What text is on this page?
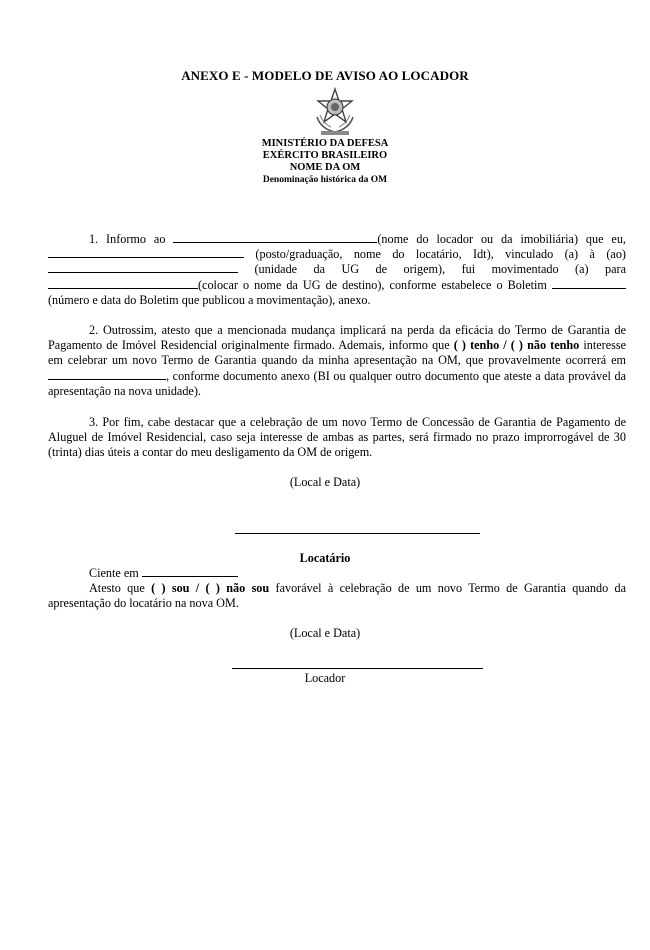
ANEXO E - MODELO DE AVISO AO LOCADOR
MINISTÉRIO DA DEFESA
EXÉRCITO BRASILEIRO
NOME DA OM
Denominação histórica da OM
1. Informo ao	(nome do locador ou da imobiliária) que eu,  (posto/graduação, nome do locatário, Idt), vinculado (a) à (ao)  (unidade da UG de origem), fui movimentado (a) para (colocar o nome da UG de destino), conforme estabelece o Boletim  (número e data do Boletim que publicou a movimentação), anexo.
2. Outrossim, atesto que a mencionada mudança implicará na perda da eficácia do Termo de Garantia de Pagamento de Imóvel Residencial originalmente firmado. Ademais, informo que ( ) tenho / ( ) não tenho interesse em celebrar um novo Termo de Garantia quando da minha apresentação na OM, que provavelmente ocorrerá em , conforme documento anexo (BI ou qualquer outro documento que ateste a data provável da apresentação na nova unidade).
3. Por fim, cabe destacar que a celebração de um novo Termo de Concessão de Garantia de Pagamento de Aluguel de Imóvel Residencial, caso seja interesse de ambas as partes, será firmado no prazo improrrogável de 30 (trinta) dias úteis a contar do meu desligamento da OM de origem.
(Local e Data)
Locatário
Ciente em
Atesto que ( ) sou / ( ) não sou favorável à celebração de um novo Termo de Garantia quando da apresentação do locatário na nova OM.
(Local e Data)
Locador
